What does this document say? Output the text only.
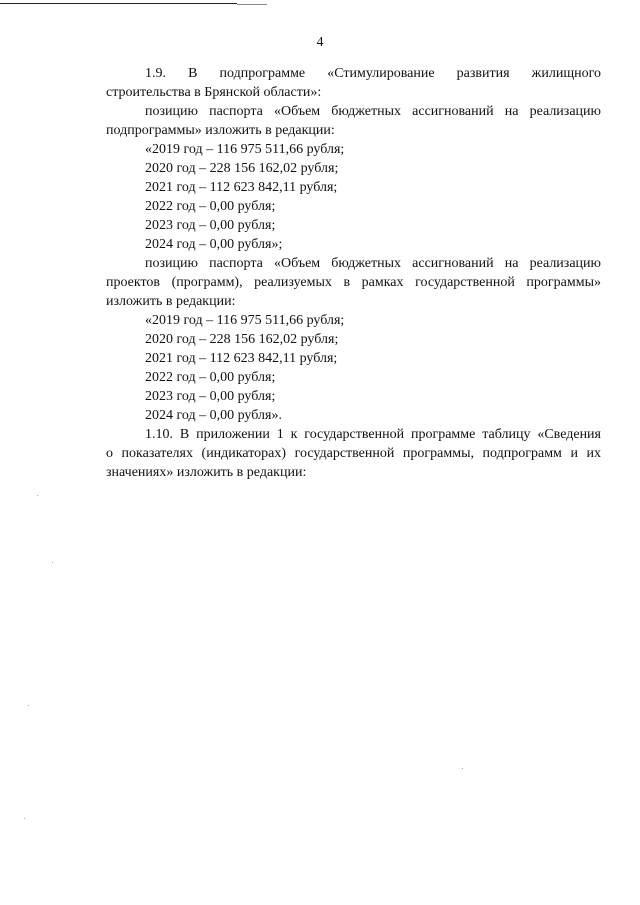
4
1.9. В подпрограмме «Стимулирование развития жилищного
строительства в Брянской области»:
позицию паспорта «Объем бюджетных ассигнований на реализацию
подпрограммы» изложить в редакции:
«2019 год – 116 975 511,66 рубля;
2020 год – 228 156 162,02 рубля;
2021 год – 112 623 842,11 рубля;
2022 год – 0,00 рубля;
2023 год – 0,00 рубля;
2024 год – 0,00 рубля»;
позицию паспорта «Объем бюджетных ассигнований на реализацию
проектов (программ), реализуемых в рамках государственной программы»
изложить в редакции:
«2019 год – 116 975 511,66 рубля;
2020 год – 228 156 162,02 рубля;
2021 год – 112 623 842,11 рубля;
2022 год – 0,00 рубля;
2023 год – 0,00 рубля;
2024 год – 0,00 рубля».
1.10. В приложении 1 к государственной программе таблицу «Сведения
о показателях (индикаторах) государственной программы, подпрограмм и их
значениях» изложить в редакции:
